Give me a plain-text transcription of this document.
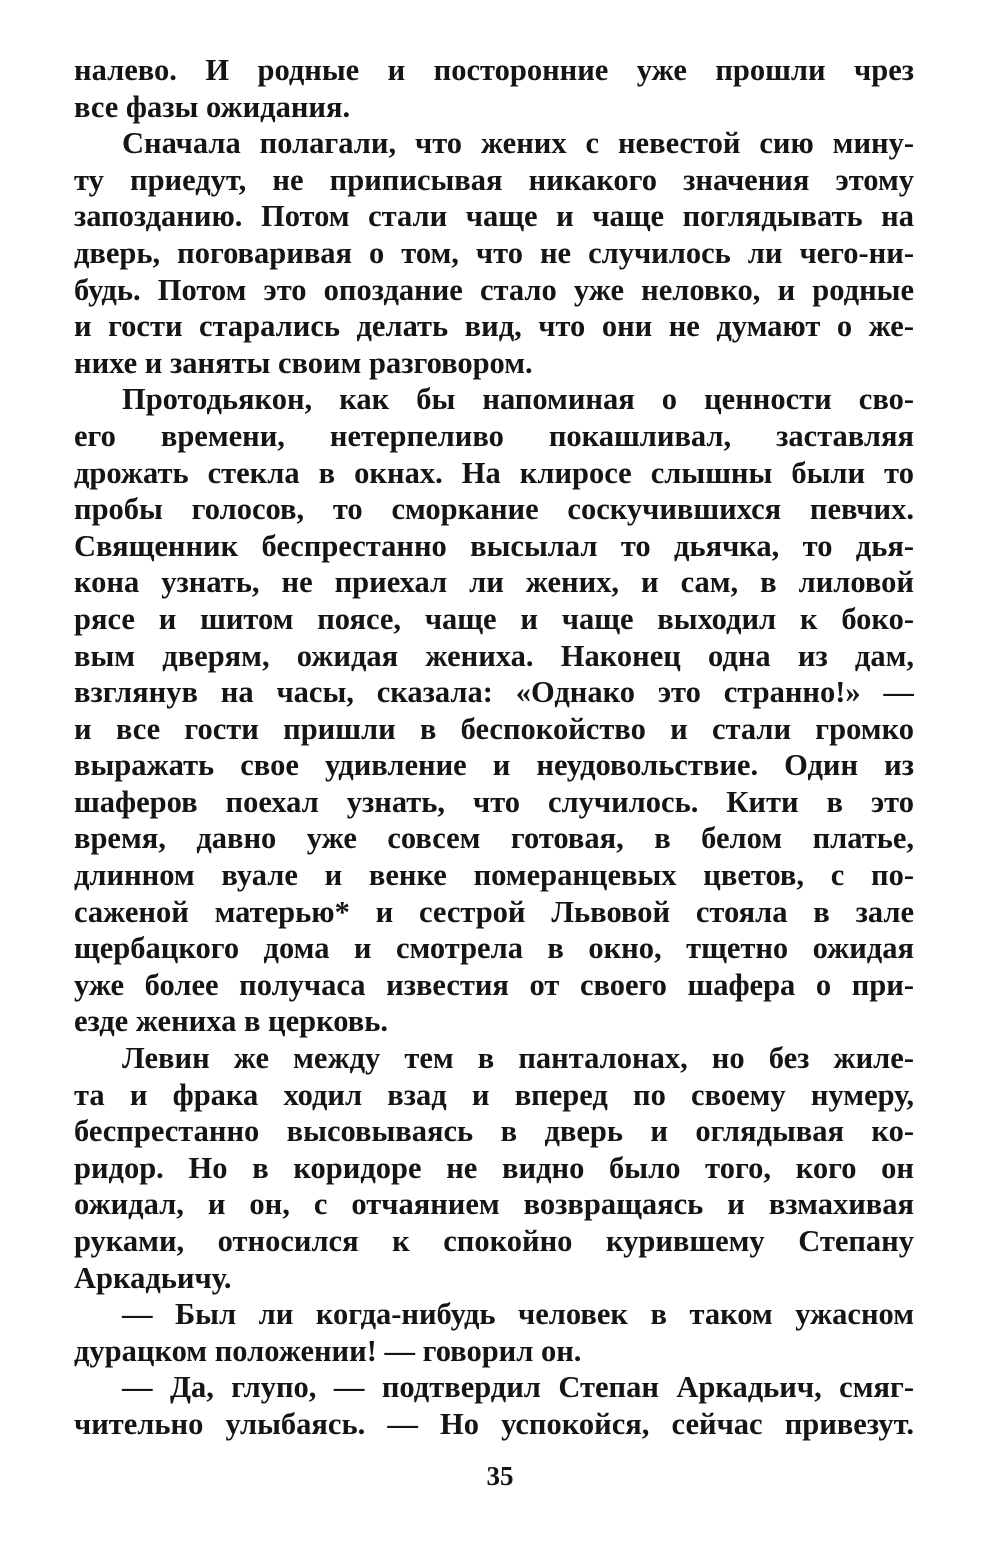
налево. И родные и посторонние уже прошли чрез
все фазы ожидания.
Сначала полагали, что жених с невестой сию мину-
ту приедут, не приписывая никакого значения этому
запозданию. Потом стали чаще и чаще поглядывать на
дверь, поговаривая о том, что не случилось ли чего-ни-
будь. Потом это опоздание стало уже неловко, и родные
и гости старались делать вид, что они не думают о же-
нихе и заняты своим разговором.
Протодьякон, как бы напоминая о ценности сво-
его времени, нетерпеливо покашливал, заставляя
дрожать стекла в окнах. На клиросе слышны были то
пробы голосов, то сморкание соскучившихся певчих.
Священник беспрестанно высылал то дьячка, то дья-
кона узнать, не приехал ли жених, и сам, в лиловой
рясе и шитом поясе, чаще и чаще выходил к боко-
вым дверям, ожидая жениха. Наконец одна из дам,
взглянув на часы, сказала: «Однако это странно!» —
и все гости пришли в беспокойство и стали громко
выражать свое удивление и неудовольствие. Один из
шаферов поехал узнать, что случилось. Кити в это
время, давно уже совсем готовая, в белом платье,
длинном вуале и венке померанцевых цветов, с по-
саженой матерью* и сестрой Львовой стояла в зале
щербацкого дома и смотрела в окно, тщетно ожидая
уже более получаса известия от своего шафера о при-
езде жениха в церковь.
Левин же между тем в панталонах, но без жиле-
та и фрака ходил взад и вперед по своему нумеру,
беспрестанно высовываясь в дверь и оглядывая ко-
ридор. Но в коридоре не видно было того, кого он
ожидал, и он, с отчаянием возвращаясь и взмахивая
руками, относился к спокойно курившему Степану
Аркадьичу.
— Был ли когда-нибудь человек в таком ужасном
дурацком положении! — говорил он.
— Да, глупо, — подтвердил Степан Аркадьич, смяг-
чительно улыбаясь. — Но успокойся, сейчас привезут.
35
